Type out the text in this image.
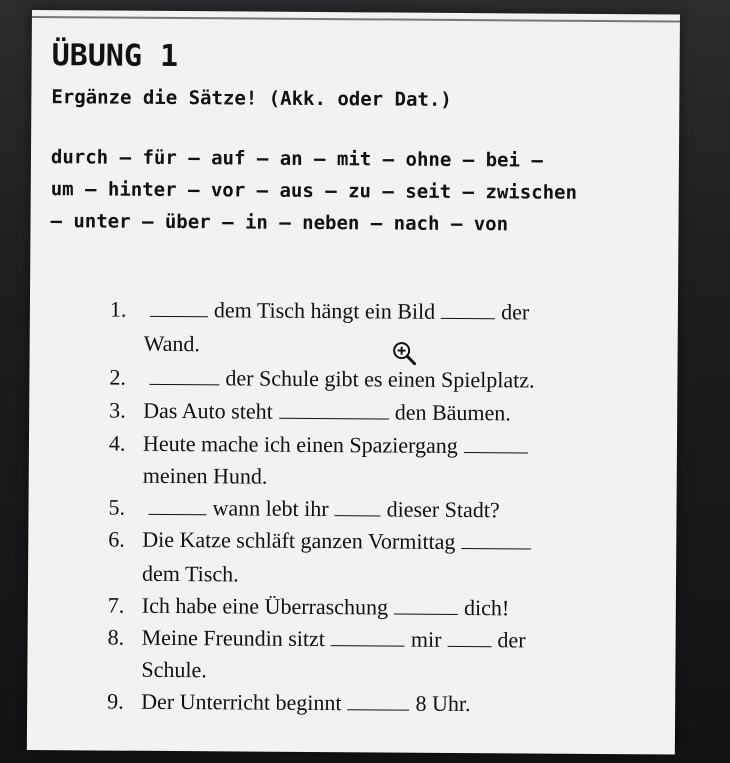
ÜBUNG 1
Ergänze die Sätze! (Akk. oder Dat.)
durch – für – auf – an – mit – ohne – bei –
um – hinter – vor – aus – zu – seit – zwischen
– unter – über – in – neben – nach – von
1.	dem Tisch hängt ein Bild	der
Wand.
2.	der Schule gibt es einen Spielplatz.
3. Das Auto steht	den Bäumen.
4. Heute mache ich einen Spaziergang
meinen Hund.
5.	wann lebt ihr	dieser Stadt?
6. Die Katze schläft ganzen Vormittag
dem Tisch.
7. Ich habe eine Überraschung	dich!
8. Meine Freundin sitzt	mir	der
Schule.
9. Der Unterricht beginnt	8 Uhr.
